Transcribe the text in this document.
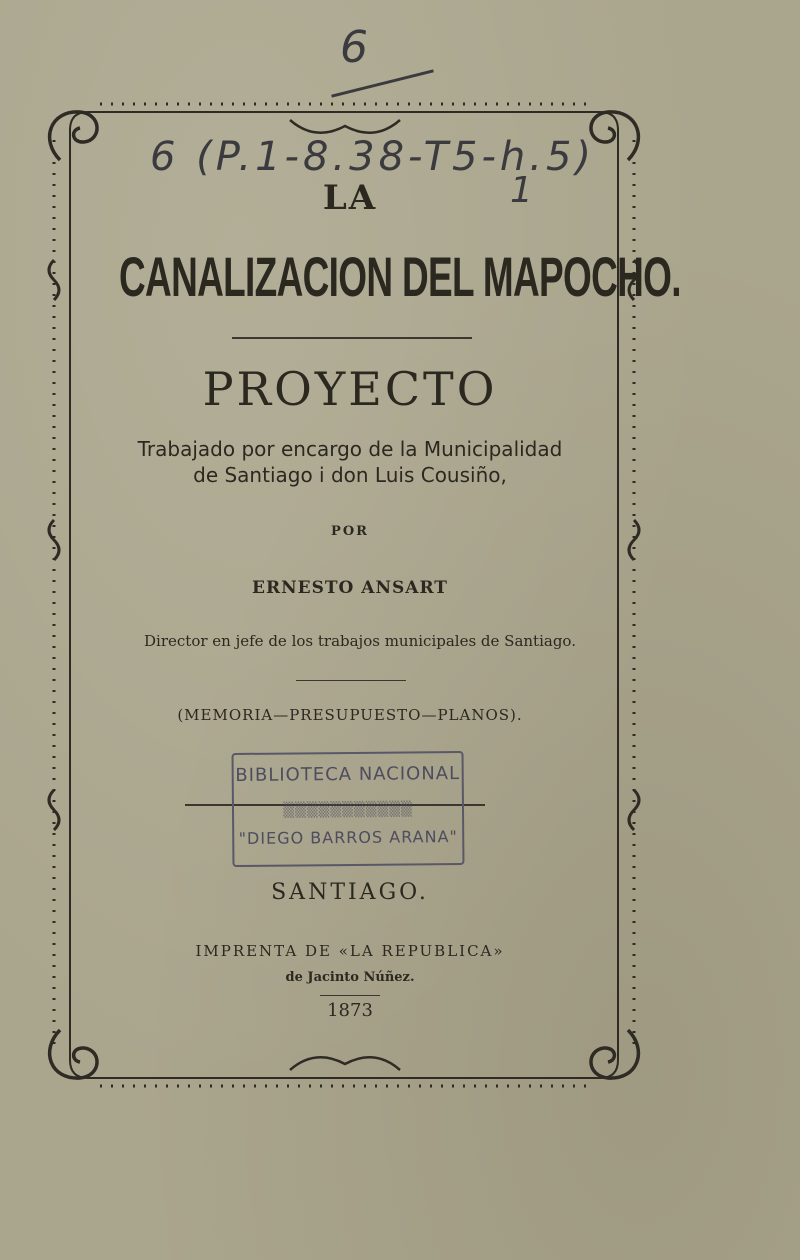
6
6 (P.1-8.38-T5-h.5)
1
LA
CANALIZACION DEL MAPOCHO.
PROYECTO
Trabajado por encargo de la Municipalidad
de Santiago i don Luis Cousiño,
POR
ERNESTO ANSART
Director en jefe de los trabajos municipales de Santiago.
(MEMORIA—PRESUPUESTO—PLANOS).
BIBLIOTECA NACIONAL
▒▒▒▒▒▒▒▒▒▒▒
"DIEGO BARROS ARANA"
SANTIAGO.
IMPRENTA DE «LA REPUBLICA»
de Jacinto Núñez.
1873
